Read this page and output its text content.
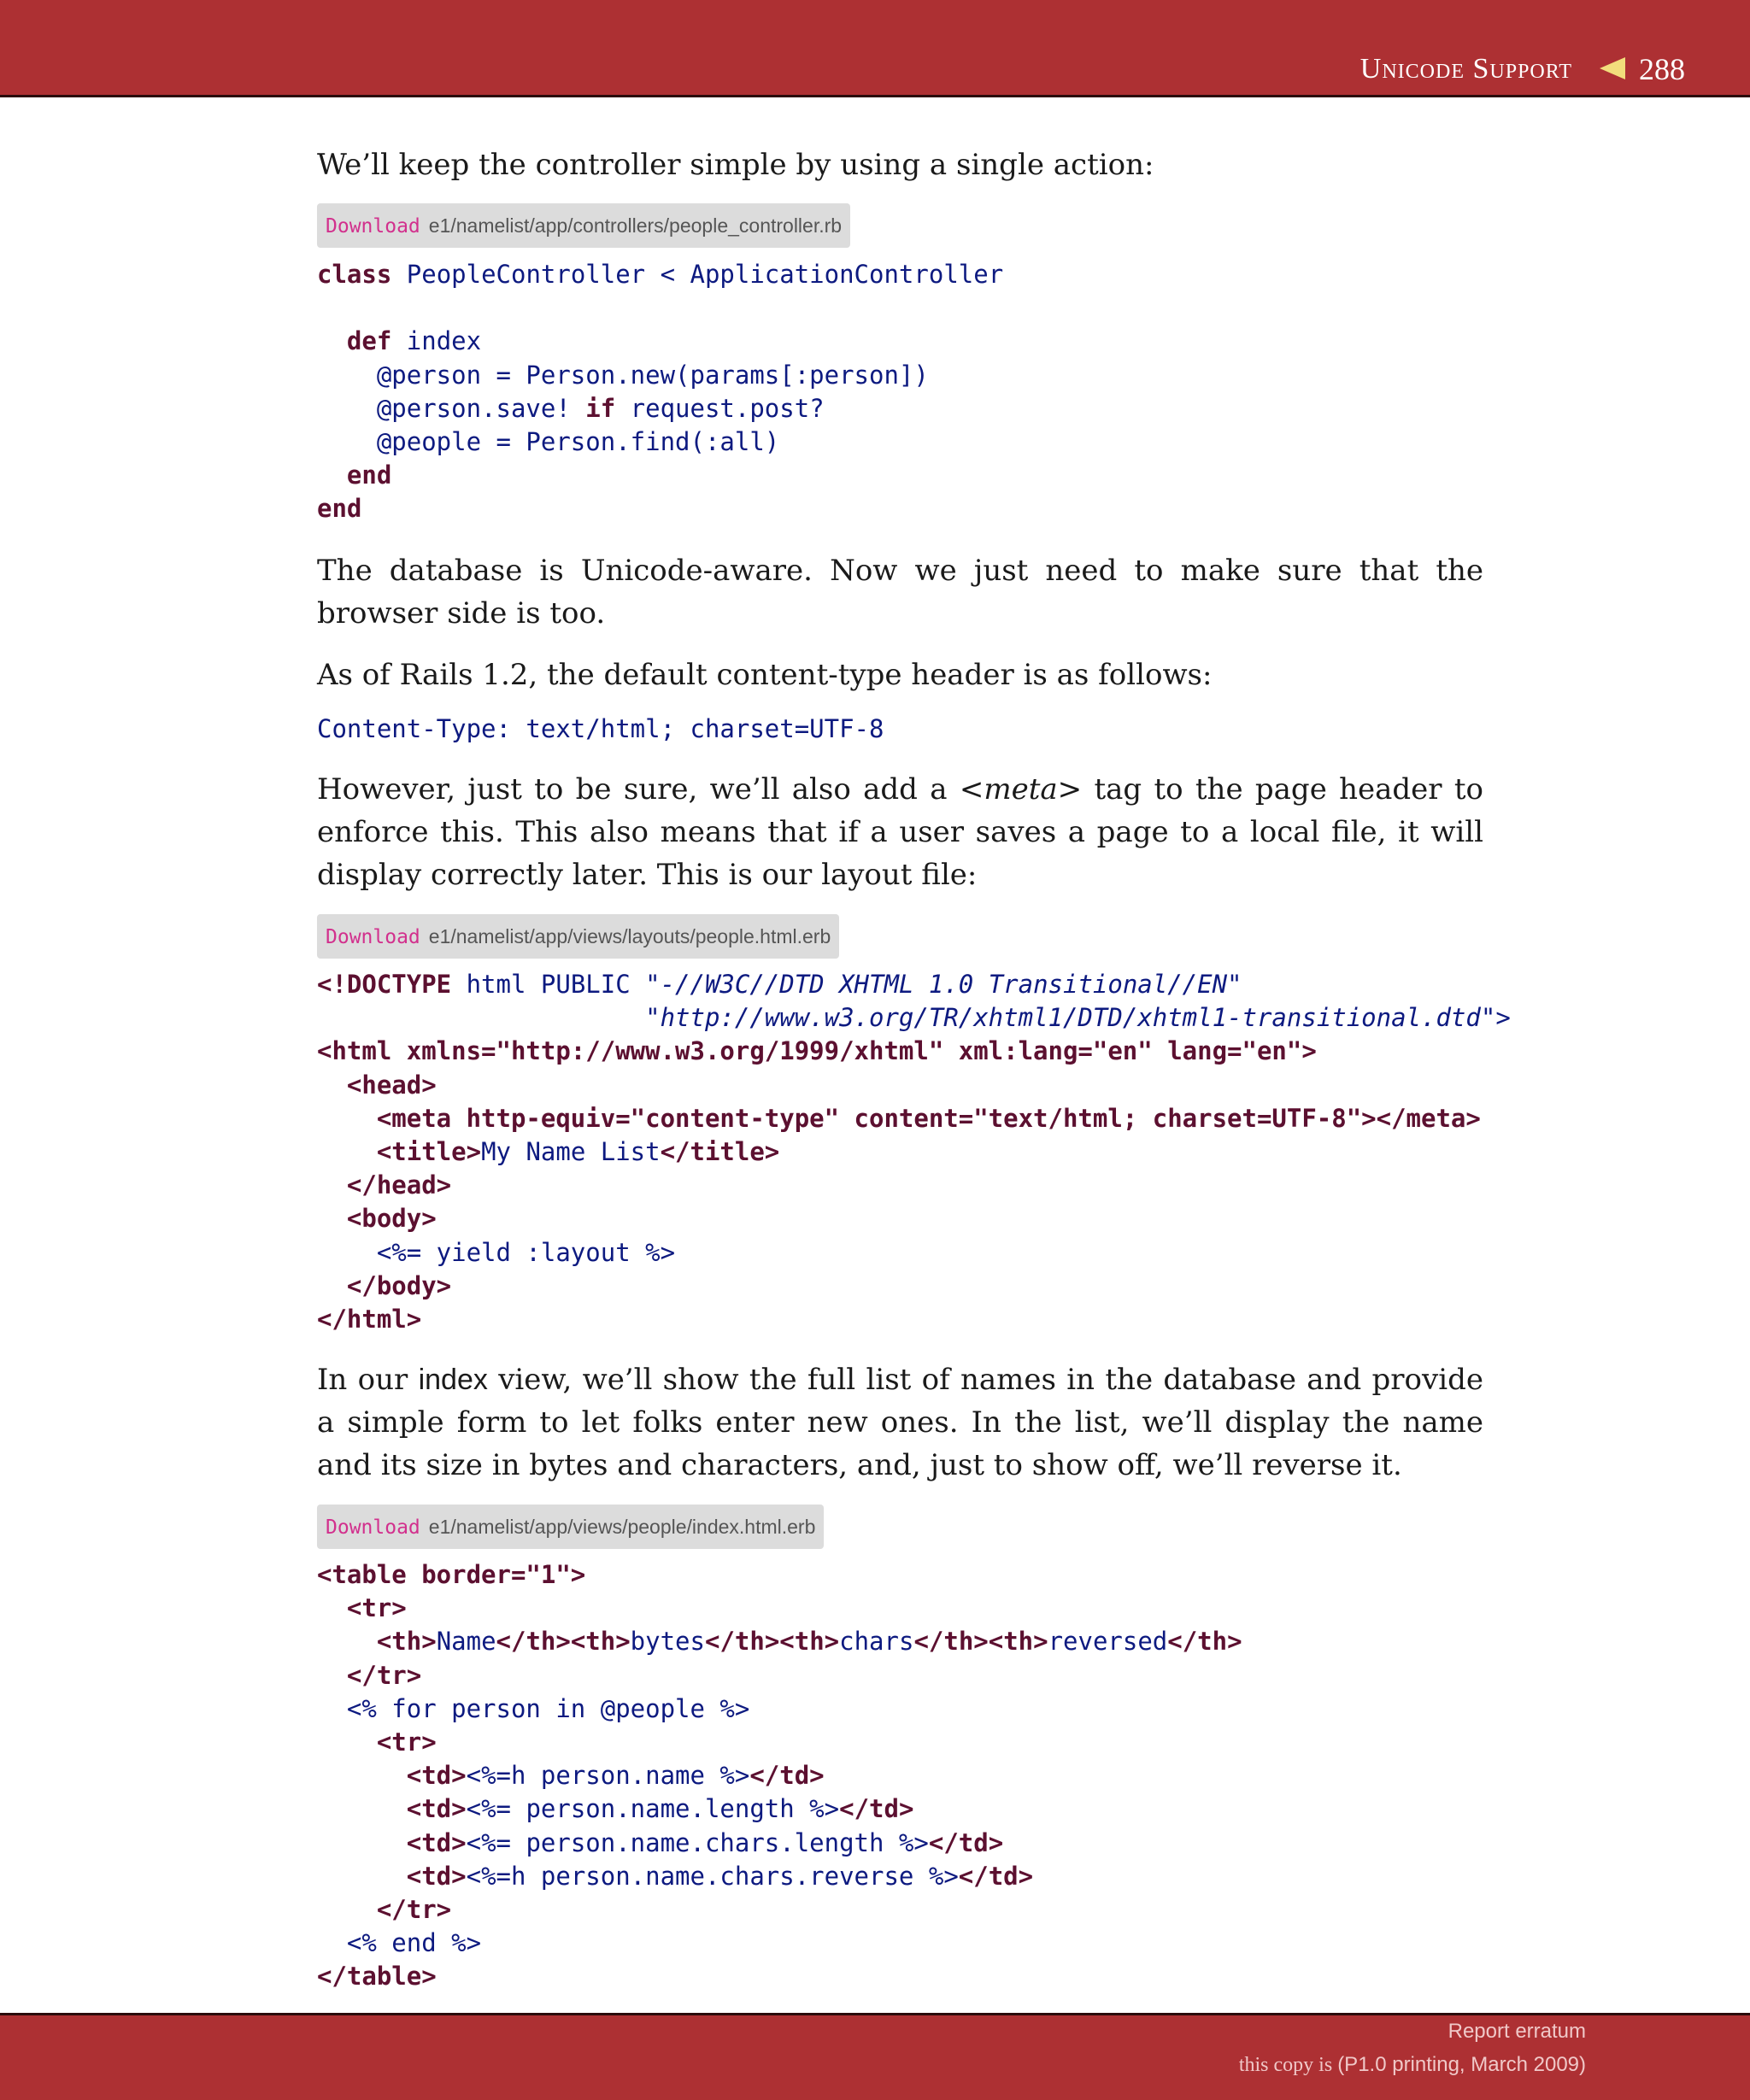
Unicode Support 288
We’ll keep the controller simple by using a single action:
Download e1/namelist/app/controllers/people_controller.rb
class PeopleController < ApplicationController

def index
@person = Person.new(params[:person])
@person.save! if request.post?
@people = Person.find(:all)
end
end
The database is Unicode-aware. Now we just need to make sure that the browser side is too.
As of Rails 1.2, the default content-type header is as follows:
Content-Type: text/html; charset=UTF-8
However, just to be sure, we’ll also add a <meta> tag to the page header to enforce this. This also means that if a user saves a page to a local file, it will display correctly later. This is our layout file:
Download e1/namelist/app/views/layouts/people.html.erb
<!DOCTYPE html PUBLIC "-//W3C//DTD XHTML 1.0 Transitional//EN"
"http://www.w3.org/TR/xhtml1/DTD/xhtml1-transitional.dtd">
<html xmlns="http://www.w3.org/1999/xhtml" xml:lang="en" lang="en">
<head>
<meta http-equiv="content-type" content="text/html; charset=UTF-8"></meta>
<title>My Name List</title>
</head>
<body>
<%= yield :layout %>
</body>
</html>
In our index view, we’ll show the full list of names in the database and provide a simple form to let folks enter new ones. In the list, we’ll display the name and its size in bytes and characters, and, just to show off, we’ll reverse it.
Download e1/namelist/app/views/people/index.html.erb
<table border="1">
<tr>
<th>Name</th><th>bytes</th><th>chars</th><th>reversed</th>
</tr>
<% for person in @people %>
<tr>
<td><%=h person.name %></td>
<td><%= person.name.length %></td>
<td><%= person.name.chars.length %></td>
<td><%=h person.name.chars.reverse %></td>
</tr>
<% end %>
</table>
Report erratum
this copy is (P1.0 printing, March 2009)
